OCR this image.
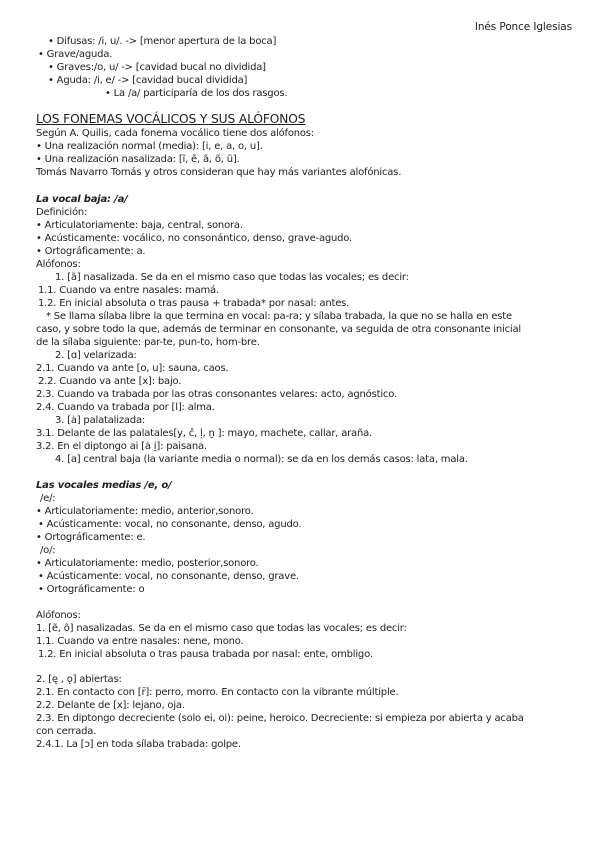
Inés Ponce Iglesias
• Difusas: /i, u/. -> [menor apertura de la boca]
• Grave/aguda.
• Graves:/o, u/ -> [cavidad bucal no dividida]
• Aguda: /i, e/ -> [cavidad bucal dividida]
• La /a/ participaría de los dos rasgos.
LOS FONEMAS VOCÁLICOS Y SUS ALÓFONOS
Según A. Quilis, cada fonema vocálico tiene dos alófonos:
• Una realización normal (media): [i, e, a, o, u].
• Una realización nasalizada: [ĩ, ẽ, ã, õ, ũ].
Tomás Navarro Tomás y otros consideran que hay más variantes alofónicas.
La vocal baja: /a/
Definición:
• Articulatoriamente: baja, central, sonora.
• Acústicamente: vocálico, no consonántico, denso, grave-agudo.
• Ortográficamente: a.
Alófonos:
1. [ã] nasalizada. Se da en el mismo caso que todas las vocales; es decir:
1.1. Cuando va entre nasales: mamá.
1.2. En inicial absoluta o tras pausa + trabada* por nasal: antes.
* Se llama sílaba libre la que termina en vocal: pa-ra; y sílaba trabada, la que no se halla en este
caso, y sobre todo la que, además de terminar en consonante, va seguida de otra consonante inicial
de la sílaba siguiente: par-te, pun-to, hom-bre.
2. [ɑ] velarizada:
2.1. Cuando va ante [o, u]: sauna, caos.
2.2. Cuando va ante [x]: bajo.
2.3. Cuando va trabada por las otras consonantes velares: acto, agnóstico.
2.4. Cuando va trabada por [l]: alma.
3. [ȧ] palatalizada:
3.1. Delante de las palatales[y, ĉ, ļ, n̮ ]: mayo, machete, callar, araña.
3.2. En el diptongo ai [ȧ i̯]: paisana.
4. [a] central baja (la variante media o normal): se da en los demás casos: lata, mala.
Las vocales medias /e, o/
/e/:
• Articulatoriamente: medio, anterior,sonoro.
• Acústicamente: vocal, no consonante, denso, agudo.
• Ortográficamente: e.
/o/:
• Articulatoriamente: medio, posterior,sonoro.
• Acústicamente: vocal, no consonante, denso, grave.
• Ortográficamente: o
Alófonos:
1. [ẽ, õ] nasalizadas. Se da en el mismo caso que todas las vocales; es decir:
1.1. Cuando va entre nasales: nene, mono.
1.2. En inicial absoluta o tras pausa trabada por nasal: ente, ombligo.
2. [ę , ǫ] abiertas:
2.1. En contacto con [r̄]: perro, morro. En contacto con la vibrante múltiple.
2.2. Delante de [x]: lejano, oja.
2.3. En diptongo decreciente (solo ei, oi): peine, heroico. Decreciente: si empieza por abierta y acaba
con cerrada.
2.4.1. La [ɔ] en toda sílaba trabada: golpe.
